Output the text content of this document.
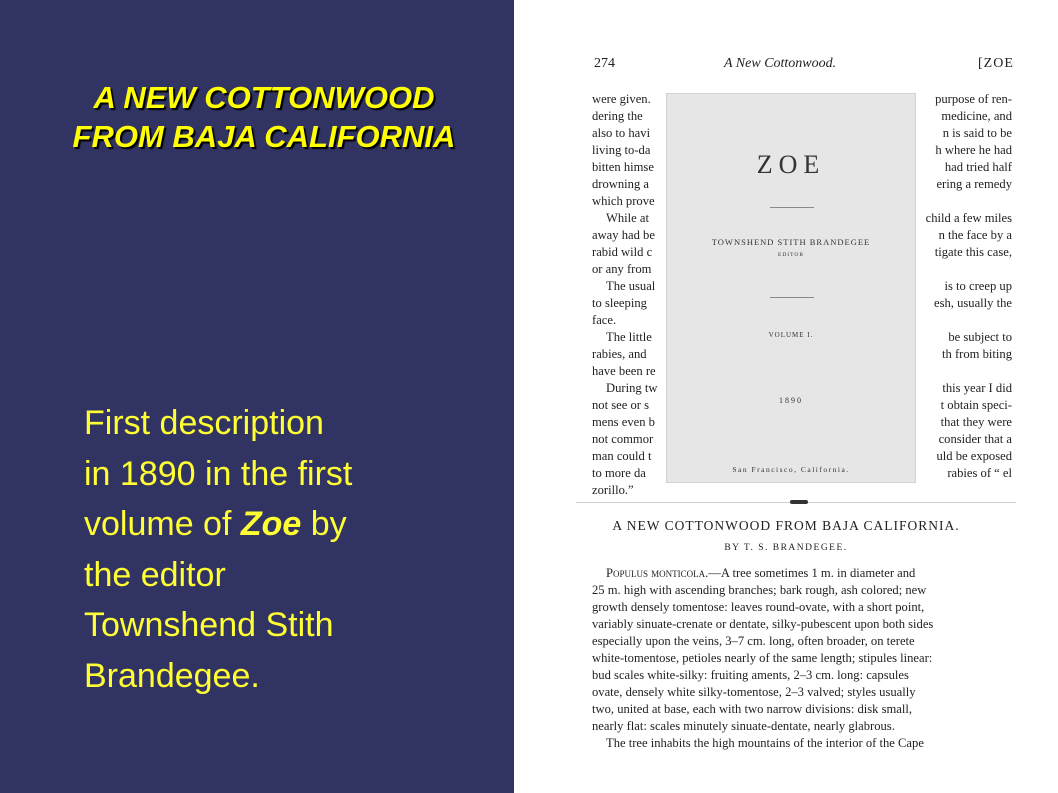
A NEW COTTONWOOD
FROM BAJA CALIFORNIA
First description
in 1890 in the first
volume of Zoe by
the editor
Townshend Stith
Brandegee.
274	A New Cottonwood.	[ZOE
were given.	purpose of ren-
dering the	medicine, and
also to havi	n is said to be
living to-da	h where he had
bitten himse	had tried half
drowning a	ering a remedy
which prove
While at	child a few miles
away had be	n the face by a
rabid wild c	tigate this case,
or any from
The usual	is to creep up
to sleeping	esh, usually the
face.
The little	be subject to
rabies, and	th from biting
have been re
During tw	this year I did
not see or s	t obtain speci-
mens even b	that they were
not commor	consider that a
man could t	uld be exposed
to more da	rabies of “ el
zorillo.”
ZOE
TOWNSHEND STITH BRANDEGEE
EDITOR
VOLUME I.
1890
San Francisco, California.
A NEW COTTONWOOD FROM BAJA CALIFORNIA.
BY T. S. BRANDEGEE.
Populus monticola.—A tree sometimes 1 m. in diameter and
25 m. high with ascending branches; bark rough, ash colored; new
growth densely tomentose: leaves round-ovate, with a short point,
variably sinuate-crenate or dentate, silky-pubescent upon both sides
especially upon the veins, 3–7 cm. long, often broader, on terete
white-tomentose, petioles nearly of the same length; stipules linear:
bud scales white-silky: fruiting aments, 2–3 cm. long: capsules
ovate, densely white silky-tomentose, 2–3 valved; styles usually
two, united at base, each with two narrow divisions: disk small,
nearly flat: scales minutely sinuate-dentate, nearly glabrous.
The tree inhabits the high mountains of the interior of the Cape
